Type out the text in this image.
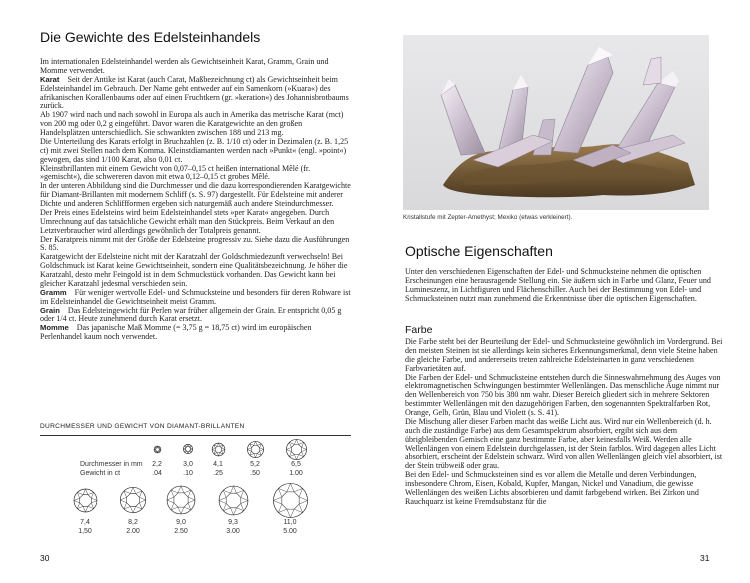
Die Gewichte des Edelsteinhandels

Im internationalen Edelsteinhandel werden als Gewichtseinheit Karat, Gramm, Grain und Momme verwendet.

Karat  Seit der Antike ist Karat (auch Carat, Maßbezeichnung ct) als Gewichtseinheit beim Edelsteinhandel im Gebrauch. Der Name geht entweder auf ein Samenkorn (»Kuara«) des afrikanischen Korallenbaums oder auf einen Fruchtkern (gr. »keration«) des Johannisbrotbaums zurück.

Ab 1907 wird nach und nach sowohl in Europa als auch in Amerika das metrische Karat (mct) von 200 mg oder 0,2 g eingeführt. Davor waren die Karatgewichte an den großen Handelsplätzen unterschiedlich. Sie schwankten zwischen 188 und 213 mg.

Die Unterteilung des Karats erfolgt in Bruchzahlen (z. B. 1/10 ct) oder in Dezimalen (z. B. 1,25 ct) mit zwei Stellen nach dem Komma. Kleinstdiamanten werden nach »Punkt« (engl. »point«) gewogen, das sind 1/100 Karat, also 0,01 ct.

Kleinstbrillanten mit einem Gewicht von 0,07–0,15 ct heißen international Mêlé (fr. »gemischt«), die schwereren davon mit etwa 0,12–0,15 ct grobes Mêlé.

In der unteren Abbildung sind die Durchmesser und die dazu korrespondierenden Karatgewichte für Diamant-Brillanten mit modernem Schliff (s. S. 97) dargestellt. Für Edelsteine mit anderer Dichte und anderen Schliffformen ergeben sich naturgemäß auch andere Steindurchmesser.

Der Preis eines Edelsteins wird beim Edelsteinhandel stets »per Karat« angegeben. Durch Umrechnung auf das tatsächliche Gewicht erhält man den Stückpreis. Beim Verkauf an den Letztverbraucher wird allerdings gewöhnlich der Totalpreis genannt.

Der Karatpreis nimmt mit der Größe der Edelsteine progressiv zu. Siehe dazu die Ausführungen S. 85.

Karatgewicht der Edelsteine nicht mit der Karatzahl der Goldschmiedezunft verwechseln! Bei Goldschmuck ist Karat keine Gewichtseinheit, sondern eine Qualitätsbezeichnung. Je höher die Karatzahl, desto mehr Feingold ist in dem Schmuckstück vorhanden. Das Gewicht kann bei gleicher Karatzahl jedesmal verschieden sein.

Gramm  Für weniger wertvolle Edel- und Schmucksteine und besonders für deren Rohware ist im Edelsteinhandel die Gewichtseinheit meist Gramm.

Grain  Das Edelsteingewicht für Perlen war früher allgemein der Grain. Er entspricht 0,05 g oder 1/4 ct. Heute zunehmend durch Karat ersetzt.

Momme  Das japanische Maß Momme (= 3,75 g = 18,75 ct) wird im europäischen Perlenhandel kaum noch verwendet.

DURCHMESSER UND GEWICHT VON DIAMANT-BRILLANTEN
Durchmesser in mm
Gewicht in ct
2,2
.04
3,0
.10
4,1
.25
5,2
.50
6,5
1.00
7,4
1,50
8,2
2.00
9,0
2.50
9,3
3.00
11,0
5.00
30
Kristallstufe mit Zepter-Amethyst; Mexiko (etwas verkleinert).
Optische Eigenschaften

Unter den verschiedenen Eigenschaften der Edel- und Schmucksteine nehmen die optischen Erscheinungen eine herausragende Stellung ein. Sie äußern sich in Farbe und Glanz, Feuer und Lumineszenz, in Lichtfiguren und Flächenschiller. Auch bei der Bestimmung von Edel- und Schmucksteinen nutzt man zunehmend die Erkenntnisse über die optischen Eigenschaften.

Farbe

Die Farbe steht bei der Beurteilung der Edel- und Schmucksteine gewöhnlich im Vordergrund. Bei den meisten Steinen ist sie allerdings kein sicheres Erkennungsmerkmal, denn viele Steine haben die gleiche Farbe, und andererseits treten zahlreiche Edelsteinarten in ganz verschiedenen Farbvarietäten auf.

Die Farben der Edel- und Schmucksteine entstehen durch die Sinneswahrnehmung des Auges von elektromagnetischen Schwingungen bestimmter Wellenlängen. Das menschliche Auge nimmt nur den Wellenbereich von 750 bis 380 nm wahr. Dieser Bereich gliedert sich in mehrere Sektoren bestimmter Wellenlängen mit den dazugehörigen Farben, den sogenannten Spektralfarben Rot, Orange, Gelb, Grün, Blau und Violett (s. S. 41).

Die Mischung aller dieser Farben macht das weiße Licht aus. Wird nur ein Wellenbereich (d. h. auch die zuständige Farbe) aus dem Gesamtspektrum absorbiert, ergibt sich aus dem übrigbleibenden Gemisch eine ganz bestimmte Farbe, aber keinesfalls Weiß. Werden alle Wellenlängen von einem Edelstein durchgelassen, ist der Stein farblos. Wird dagegen alles Licht absorbiert, erscheint der Edelstein schwarz. Wird von allen Wellenlängen gleich viel absorbiert, ist der Stein trübweiß oder grau.

Bei den Edel- und Schmucksteinen sind es vor allem die Metalle und deren Verbindungen, insbesondere Chrom, Eisen, Kobald, Kupfer, Mangan, Nickel und Vanadium, die gewisse Wellenlängen des weißen Lichts absorbieren und damit farbgebend wirken. Bei Zirkon und Rauchquarz ist keine Fremdsubstanz für die

31
